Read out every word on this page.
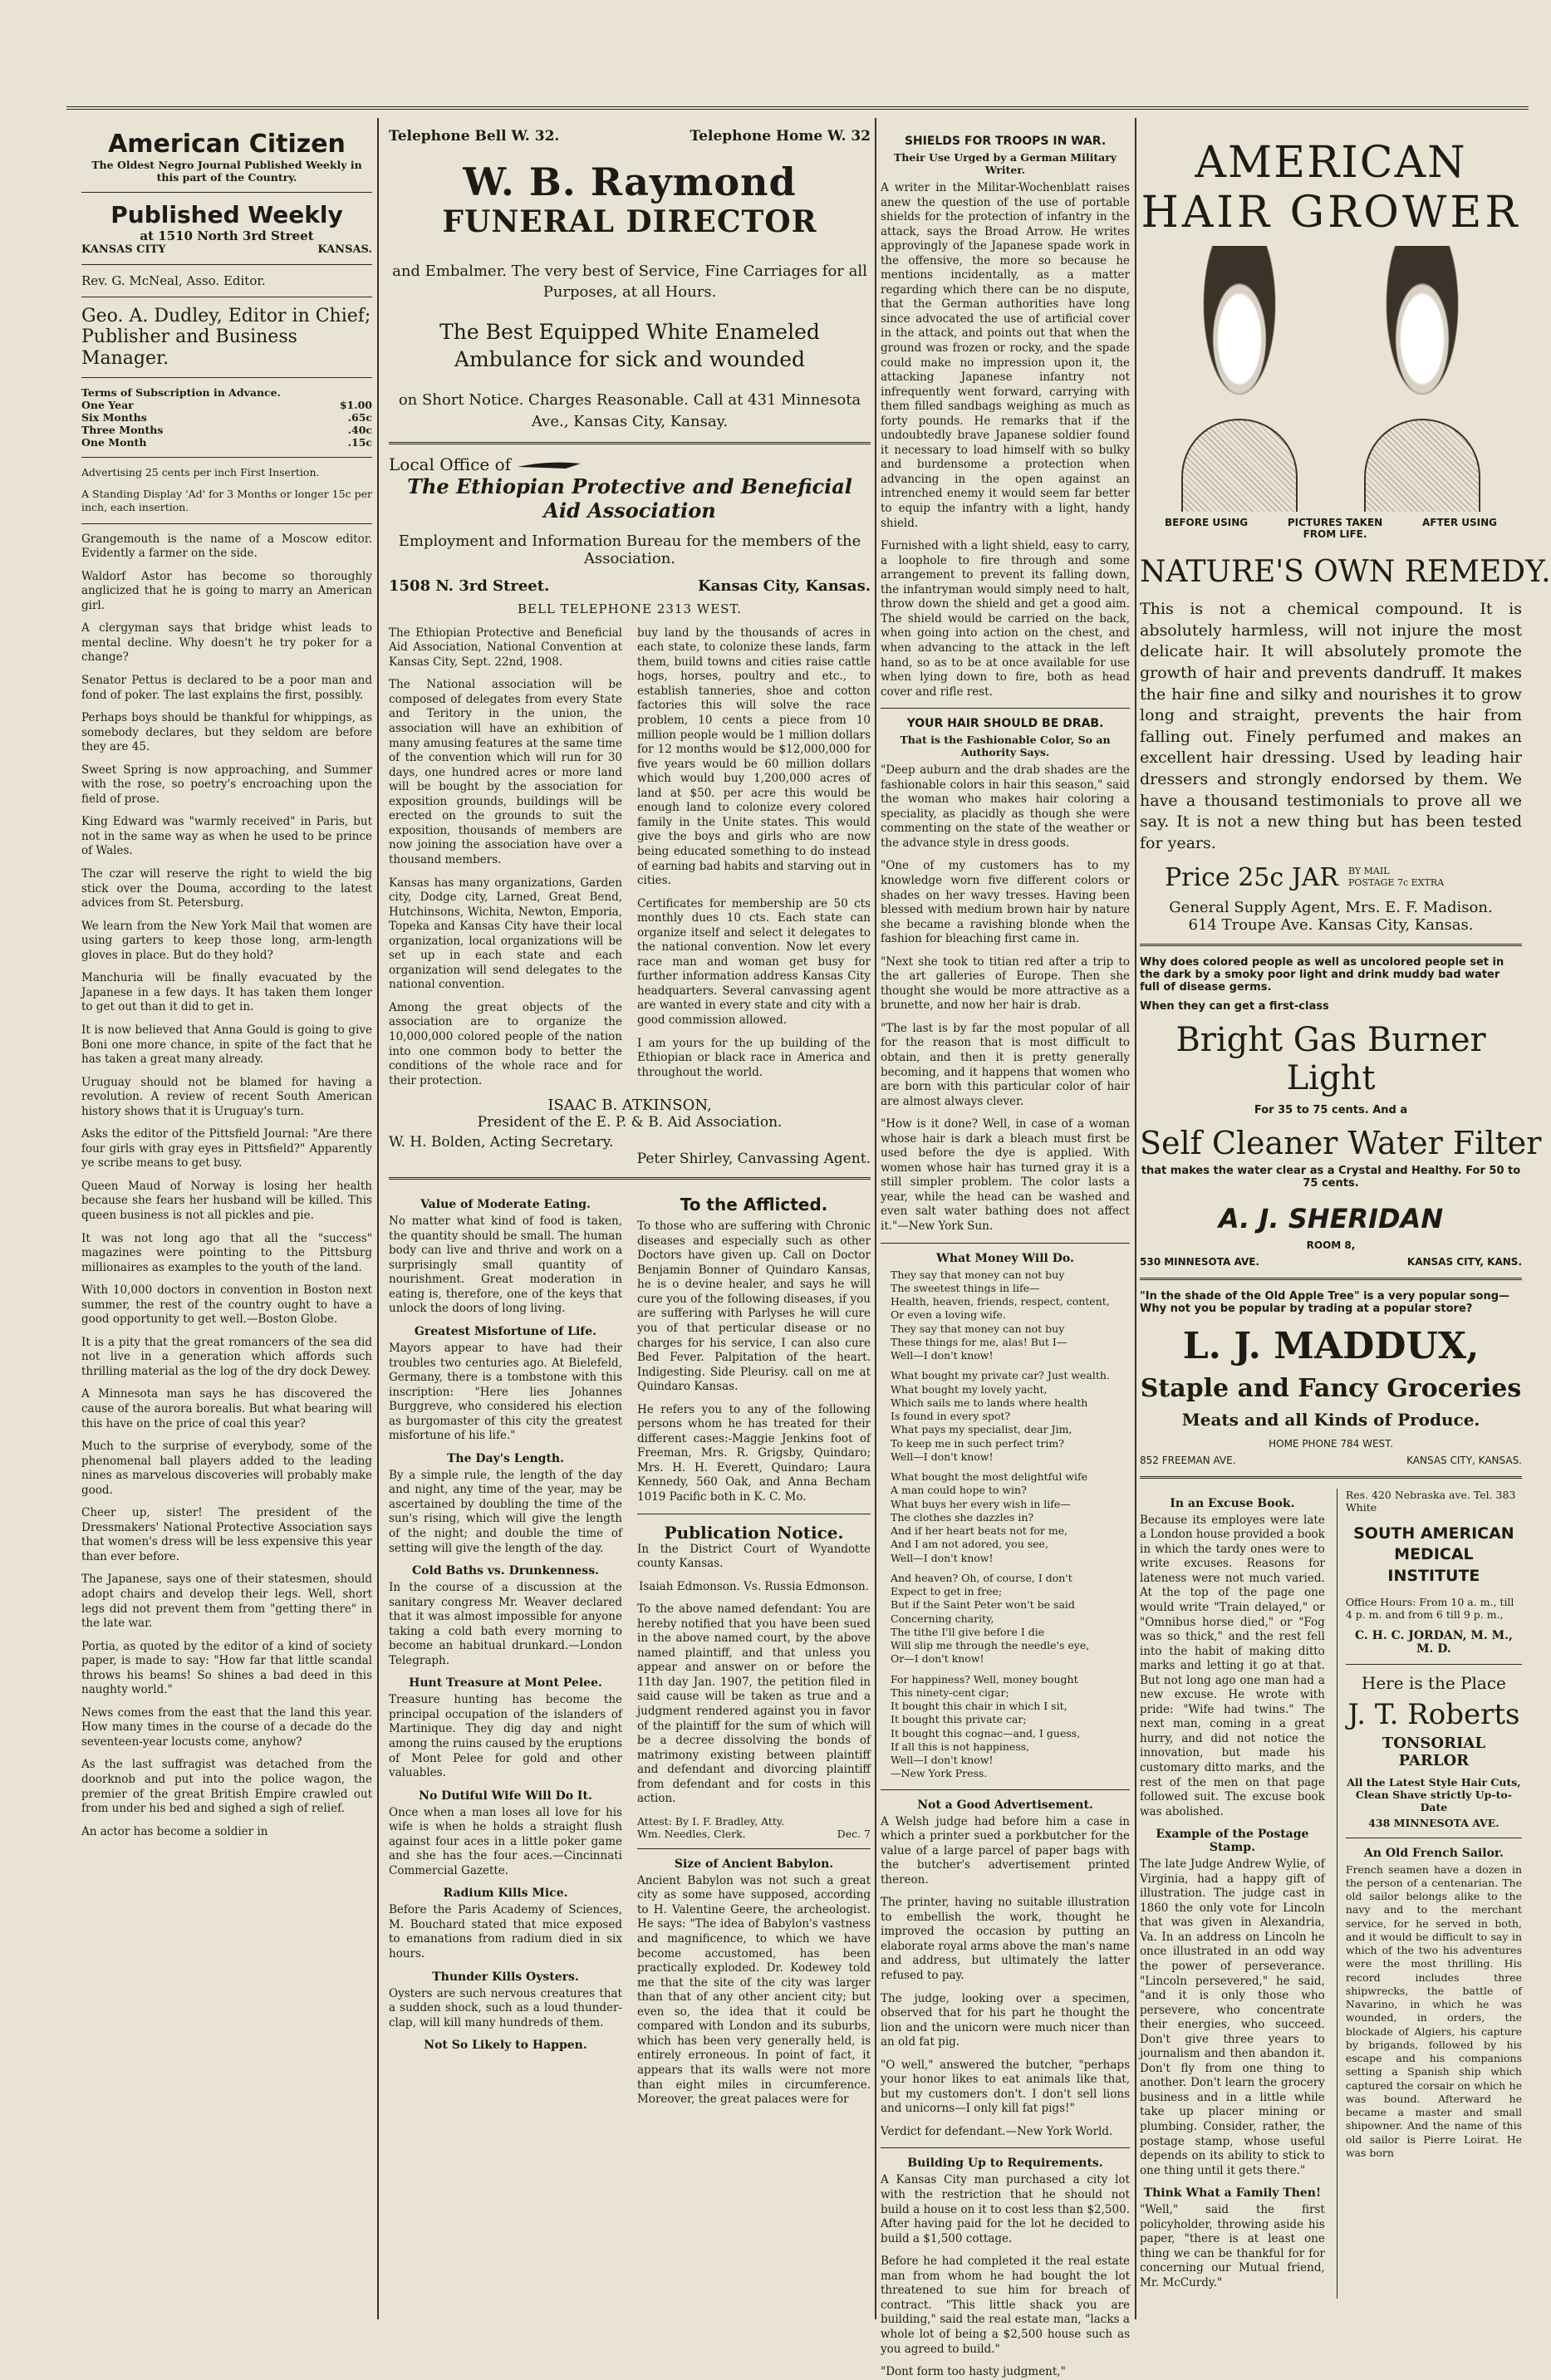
American Citizen
The Oldest Negro Journal Published Weekly in this part of the Country.
Published Weekly
at 1510 North 3rd Street
KANSAS CITY	KANSAS.
Rev. G. McNeal, Asso. Editor.
Geo. A. Dudley, Editor in Chief; Publisher and Business Manager.
Terms of Subscription in Advance.
One Year	$1.00
Six Months	.65c
Three Months	.40c
One Month	.15c

Advertising 25 cents per inch First Insertion.

A Standing Display 'Ad' for 3 Months or longer 15c per inch, each insertion.

Grangemouth is the name of a Moscow editor. Evidently a farmer on the side.

Waldorf Astor has become so thoroughly anglicized that he is going to marry an American girl.

A clergyman says that bridge whist leads to mental decline. Why doesn't he try poker for a change?

Senator Pettus is declared to be a poor man and fond of poker. The last explains the first, possibly.

Perhaps boys should be thankful for whippings, as somebody declares, but they seldom are before they are 45.

Sweet Spring is now approaching, and Summer with the rose, so poetry's encroaching upon the field of prose.

King Edward was "warmly received" in Paris, but not in the same way as when he used to be prince of Wales.

The czar will reserve the right to wield the big stick over the Douma, according to the latest advices from St. Petersburg.

We learn from the New York Mail that women are using garters to keep those long, arm-length gloves in place. But do they hold?

Manchuria will be finally evacuated by the Japanese in a few days. It has taken them longer to get out than it did to get in.

It is now believed that Anna Gould is going to give Boni one more chance, in spite of the fact that he has taken a great many already.

Uruguay should not be blamed for having a revolution. A review of recent South American history shows that it is Uruguay's turn.

Asks the editor of the Pittsfield Journal: "Are there four girls with gray eyes in Pittsfield?" Apparently ye scribe means to get busy.

Queen Maud of Norway is losing her health because she fears her husband will be killed. This queen business is not all pickles and pie.

It was not long ago that all the "success" magazines were pointing to the Pittsburg millionaires as examples to the youth of the land.

With 10,000 doctors in convention in Boston next summer, the rest of the country ought to have a good opportunity to get well.—Boston Globe.

It is a pity that the great romancers of the sea did not live in a generation which affords such thrilling material as the log of the dry dock Dewey.

A Minnesota man says he has discovered the cause of the aurora borealis. But what bearing will this have on the price of coal this year?

Much to the surprise of everybody, some of the phenomenal ball players added to the leading nines as marvelous discoveries will probably make good.

Cheer up, sister! The president of the Dressmakers' National Protective Association says that women's dress will be less expensive this year than ever before.

The Japanese, says one of their statesmen, should adopt chairs and develop their legs. Well, short legs did not prevent them from "getting there" in the late war.

Portia, as quoted by the editor of a kind of society paper, is made to say: "How far that little scandal throws his beams! So shines a bad deed in this naughty world."

News comes from the east that the land this year. How many times in the course of a decade do the seventeen-year locusts come, anyhow?

As the last suffragist was detached from the doorknob and put into the police wagon, the premier of the great British Empire crawled out from under his bed and sighed a sigh of relief.

An actor has become a soldier in

Telephone Bell W. 32.	Telephone Home W. 32
W. B. Raymond
FUNERAL DIRECTOR
and Embalmer. The very best of Service, Fine Carriages for all Purposes, at all Hours.
The Best Equipped White Enameled Ambulance for sick and wounded
on Short Notice. Charges Reasonable. Call at 431 Minnesota Ave., Kansas City, Kansay.
Local Office of
The Ethiopian Protective and Beneficial Aid Association
Employment and Information Bureau for the members of the Association.
1508 N. 3rd Street.	Kansas City, Kansas.
BELL TELEPHONE 2313 WEST.

The Ethiopian Protective and Beneficial Aid Association, National Convention at Kansas City, Sept. 22nd, 1908.

The National association will be composed of delegates from every State and Teritory in the union, the association will have an exhibition of many amusing features at the same time of the convention which will run for 30 days, one hundred acres or more land will be bought by the association for exposition grounds, buildings will be erected on the grounds to suit the exposition, thousands of members are now joining the association have over a thousand members.

Kansas has many organizations, Garden city, Dodge city, Larned, Great Bend, Hutchinsons, Wichita, Newton, Emporia, Topeka and Kansas City have their local organization, local organizations will be set up in each state and each organization will send delegates to the national convention.

Among the great objects of the association are to organize the 10,000,000 colored people of the nation into one common body to better the conditions of the whole race and for their protection.

buy land by the thousands of acres in each state, to colonize these lands, farm them, build towns and cities raise cattle hogs, horses, poultry and etc., to establish tanneries, shoe and cotton factories this will solve the race problem, 10 cents a piece from 10 million people would be 1 million dollars for 12 months would be $12,000,000 for five years would be 60 million dollars which would buy 1,200,000 acres of land at $50. per acre this would be enough land to colonize every colored family in the Unite states. This would give the boys and girls who are now being educated something to do instead of earning bad habits and starving out in cities.

Certificates for membership are 50 cts monthly dues 10 cts. Each state can organize itself and select it delegates to the national convention. Now let every race man and woman get busy for further information address Kansas City headquarters. Several canvassing agent are wanted in every state and city with a good commission allowed.

I am yours for the up building of the Ethiopian or black race in America and throughout the world.

ISAAC B. ATKINSON,
President of the E. P. & B. Aid Association.
W. H. Bolden, Acting Secretary.
Peter Shirley, Canvassing Agent.
Value of Moderate Eating.

No matter what kind of food is taken, the quantity should be small. The human body can live and thrive and work on a surprisingly small quantity of nourishment. Great moderation in eating is, therefore, one of the keys that unlock the doors of long living.

Greatest Misfortune of Life.

Mayors appear to have had their troubles two centuries ago. At Bielefeld, Germany, there is a tombstone with this inscription: "Here lies Johannes Burggreve, who considered his election as burgomaster of this city the greatest misfortune of his life."

The Day's Length.

By a simple rule, the length of the day and night, any time of the year, may be ascertained by doubling the time of the sun's rising, which will give the length of the night; and double the time of setting will give the length of the day.

Cold Baths vs. Drunkenness.

In the course of a discussion at the sanitary congress Mr. Weaver declared that it was almost impossible for anyone taking a cold bath every morning to become an habitual drunkard.—London Telegraph.

Hunt Treasure at Mont Pelee.

Treasure hunting has become the principal occupation of the islanders of Martinique. They dig day and night among the ruins caused by the eruptions of Mont Pelee for gold and other valuables.

No Dutiful Wife Will Do It.

Once when a man loses all love for his wife is when he holds a straight flush against four aces in a little poker game and she has the four aces.—Cincinnati Commercial Gazette.

Radium Kills Mice.

Before the Paris Academy of Sciences, M. Bouchard stated that mice exposed to emanations from radium died in six hours.

Thunder Kills Oysters.

Oysters are such nervous creatures that a sudden shock, such as a loud thunder-clap, will kill many hundreds of them.

Not So Likely to Happen.

To the Afflicted.

To those who are suffering with Chronic diseases and especially such as other Doctors have given up. Call on Doctor Benjamin Bonner of Quindaro Kansas, he is o devine healer, and says he will cure you of the following diseases, if you are suffering with Parlyses he will cure you of that perticular disease or no charges for his service, I can also cure Bed Fever. Palpitation of the heart. Indigesting. Side Pleurisy. call on me at Quindaro Kansas.

He refers you to any of the following persons whom he has treated for their different cases:-Maggie Jenkins foot of Freeman, Mrs. R. Grigsby, Quindaro; Mrs. H. H. Everett, Quindaro; Laura Kennedy, 560 Oak, and Anna Becham 1019 Pacific both in K. C. Mo.

Publication Notice.

In the District Court of Wyandotte county Kansas.

Isaiah Edmonson. Vs. Russia Edmonson.

To the above named defendant: You are hereby notified that you have been sued in the above named court, by the above named plaintiff, and that unless you appear and answer on or before the 11th day Jan. 1907, the petition filed in said cause will be taken as true and a judgment rendered against you in favor of the plaintiff for the sum of which will be a decree dissolving the bonds of matrimony existing between plaintiff and defendant and divorcing plaintiff from defendant and for costs in this action.

Attest: By I. F. Bradley, Atty.
Wm. Needles, Clerk.	Dec. 7
Size of Ancient Babylon.

Ancient Babylon was not such a great city as some have supposed, according to H. Valentine Geere, the archeologist. He says: "The idea of Babylon's vastness and magnificence, to which we have become accustomed, has been practically exploded. Dr. Kodewey told me that the site of the city was larger than that of any other ancient city; but even so, the idea that it could be compared with London and its suburbs, which has been very generally held, is entirely erroneous. In point of fact, it appears that its walls were not more than eight miles in circumference. Moreover, the great palaces were for

SHIELDS FOR TROOPS IN WAR.
Their Use Urged by a German Military Writer.

A writer in the Militar-Wochenblatt raises anew the question of the use of portable shields for the protection of infantry in the attack, says the Broad Arrow. He writes approvingly of the Japanese spade work in the offensive, the more so because he mentions incidentally, as a matter regarding which there can be no dispute, that the German authorities have long since advocated the use of artificial cover in the attack, and points out that when the ground was frozen or rocky, and the spade could make no impression upon it, the attacking Japanese infantry not infrequently went forward, carrying with them filled sandbags weighing as much as forty pounds. He remarks that if the undoubtedly brave Japanese soldier found it necessary to load himself with so bulky and burdensome a protection when advancing in the open against an intrenched enemy it would seem far better to equip the infantry with a light, handy shield.

Furnished with a light shield, easy to carry, a loophole to fire through and some arrangement to prevent its falling down, the infantryman would simply need to halt, throw down the shield and get a good aim. The shield would be carried on the back, when going into action on the chest, and when advancing to the attack in the left hand, so as to be at once available for use when lying down to fire, both as head cover and rifle rest.

YOUR HAIR SHOULD BE DRAB.
That is the Fashionable Color, So an Authority Says.

"Deep auburn and the drab shades are the fashionable colors in hair this season," said the woman who makes hair coloring a speciality, as placidly as though she were commenting on the state of the weather or the advance style in dress goods.

"One of my customers has to my knowledge worn five different colors or shades on her wavy tresses. Having been blessed with medium brown hair by nature she became a ravishing blonde when the fashion for bleaching first came in.

"Next she took to titian red after a trip to the art galleries of Europe. Then she thought she would be more attractive as a brunette, and now her hair is drab.

"The last is by far the most popular of all for the reason that is most difficult to obtain, and then it is pretty generally becoming, and it happens that women who are born with this particular color of hair are almost always clever.

"How is it done? Well, in case of a woman whose hair is dark a bleach must first be used before the dye is applied. With women whose hair has turned gray it is a still simpler problem. The color lasts a year, while the head can be washed and even salt water bathing does not affect it."—New York Sun.

What Money Will Do.
They say that money can not buy
The sweetest things in life—
Health, heaven, friends, respect, content,
Or even a loving wife.
They say that money can not buy
These things for me, alas! But I—
Well—I don't know!
What bought my private car? Just wealth.
What bought my lovely yacht,
Which sails me to lands where health
Is found in every spot?
What pays my specialist, dear Jim,
To keep me in such perfect trim?
Well—I don't know!
What bought the most delightful wife
A man could hope to win?
What buys her every wish in life—
The clothes she dazzles in?
And if her heart beats not for me,
And I am not adored, you see,
Well—I don't know!
And heaven? Oh, of course, I don't
Expect to get in free;
But if the Saint Peter won't be said
Concerning charity,
The tithe I'll give before I die
Will slip me through the needle's eye,
Or—I don't know!
For happiness? Well, money bought
This ninety-cent cigar;
It bought this chair in which I sit,
It bought this private car;
It bought this cognac—and, I guess,
If all this is not happiness,
Well—I don't know!
—New York Press.
Not a Good Advertisement.

A Welsh judge had before him a case in which a printer sued a porkbutcher for the value of a large parcel of paper bags with the butcher's advertisement printed thereon.

The printer, having no suitable illustration to embellish the work, thought he improved the occasion by putting an elaborate royal arms above the man's name and address, but ultimately the latter refused to pay.

The judge, looking over a specimen, observed that for his part he thought the lion and the unicorn were much nicer than an old fat pig.

"O well," answered the butcher, "perhaps your honor likes to eat animals like that, but my customers don't. I don't sell lions and unicorns—I only kill fat pigs!"

Verdict for defendant.—New York World.

Building Up to Requirements.

A Kansas City man purchased a city lot with the restriction that he should not build a house on it to cost less than $2,500. After having paid for the lot he decided to build a $1,500 cottage.

Before he had completed it the real estate man from whom he had bought the lot threatened to sue him for breach of contract. "This little shack you are building," said the real estate man, "lacks a whole lot of being a $2,500 house such as you agreed to build."

"Dont form too hasty judgment,"

AMERICAN
HAIR GROWER
BEFORE USING	PICTURES TAKEN FROM LIFE.
AFTER USING
NATURE'S OWN REMEDY.
This is not a chemical compound. It is absolutely harmless, will not injure the most delicate hair. It will absolutely promote the growth of hair and prevents dandruff. It makes the hair fine and silky and nourishes it to grow long and straight, prevents the hair from falling out. Finely perfumed and makes an excellent hair dressing. Used by leading hair dressers and strongly endorsed by them. We have a thousand testimonials to prove all we say. It is not a new thing but has been tested for years.
Price 25c JAR BY MAIL
POSTAGE 7c EXTRA
General Supply Agent, Mrs. E. F. Madison.
614 Troupe Ave. Kansas City, Kansas.
Why does colored people as well as uncolored people set in the dark by a smoky poor light and drink muddy bad water full of disease germs.
When they can get a first-class
Bright Gas Burner Light
For 35 to 75 cents. And a
Self Cleaner Water Filter
that makes the water clear as a Crystal and Healthy. For 50 to 75 cents.
A. J. SHERIDAN
ROOM 8,
530 MINNESOTA AVE.	KANSAS CITY, KANS.
"In the shade of the Old Apple Tree" is a very popular song—Why not you be popular by trading at a popular store?
L. J. MADDUX,
Staple and Fancy Groceries
Meats and all Kinds of Produce.
HOME PHONE 784 WEST.
852 FREEMAN AVE.	KANSAS CITY, KANSAS.
In an Excuse Book.

Because its employes were late a London house provided a book in which the tardy ones were to write excuses. Reasons for lateness were not much varied. At the top of the page one would write "Train delayed," or "Omnibus horse died," or "Fog was so thick," and the rest fell into the habit of making ditto marks and letting it go at that. But not long ago one man had a new excuse. He wrote with pride: "Wife had twins." The next man, coming in a great hurry, and did not notice the innovation, but made his customary ditto marks, and the rest of the men on that page followed suit. The excuse book was abolished.

Example of the Postage Stamp.

The late Judge Andrew Wylie, of Virginia, had a happy gift of illustration. The judge cast in 1860 the only vote for Lincoln that was given in Alexandria, Va. In an address on Lincoln he once illustrated in an odd way the power of perseverance. "Lincoln persevered," he said, "and it is only those who persevere, who concentrate their energies, who succeed. Don't give three years to journalism and then abandon it. Don't fly from one thing to another. Don't learn the grocery business and in a little while take up placer mining or plumbing. Consider, rather, the postage stamp, whose useful depends on its ability to stick to one thing until it gets there."

Think What a Family Then!

"Well," said the first policyholder, throwing aside his paper, "there is at least one thing we can be thankful for for concerning our Mutual friend, Mr. McCurdy."

Res. 420 Nebraska ave. Tel. 383 White
SOUTH AMERICAN MEDICAL INSTITUTE
Office Hours: From 10 a. m., till 4 p. m. and from 6 till 9 p. m.,
C. H. C. JORDAN, M. M., M. D.
Here is the Place
J. T. Roberts
TONSORIAL PARLOR
All the Latest Style Hair Cuts, Clean Shave strictly Up-to-Date
438 MINNESOTA AVE.
An Old French Sailor.

French seamen have a dozen in the person of a centenarian. The old sailor belongs alike to the navy and to the merchant service, for he served in both, and it would be difficult to say in which of the two his adventures were the most thrilling. His record includes three shipwrecks, the battle of Navarino, in which he was wounded, in orders, the blockade of Algiers, his capture by brigands, followed by his escape and his companions setting a Spanish ship which captured the corsair on which he was bound. Afterward he became a master and small shipowner. And the name of this old sailor is Pierre Loirat. He was born
